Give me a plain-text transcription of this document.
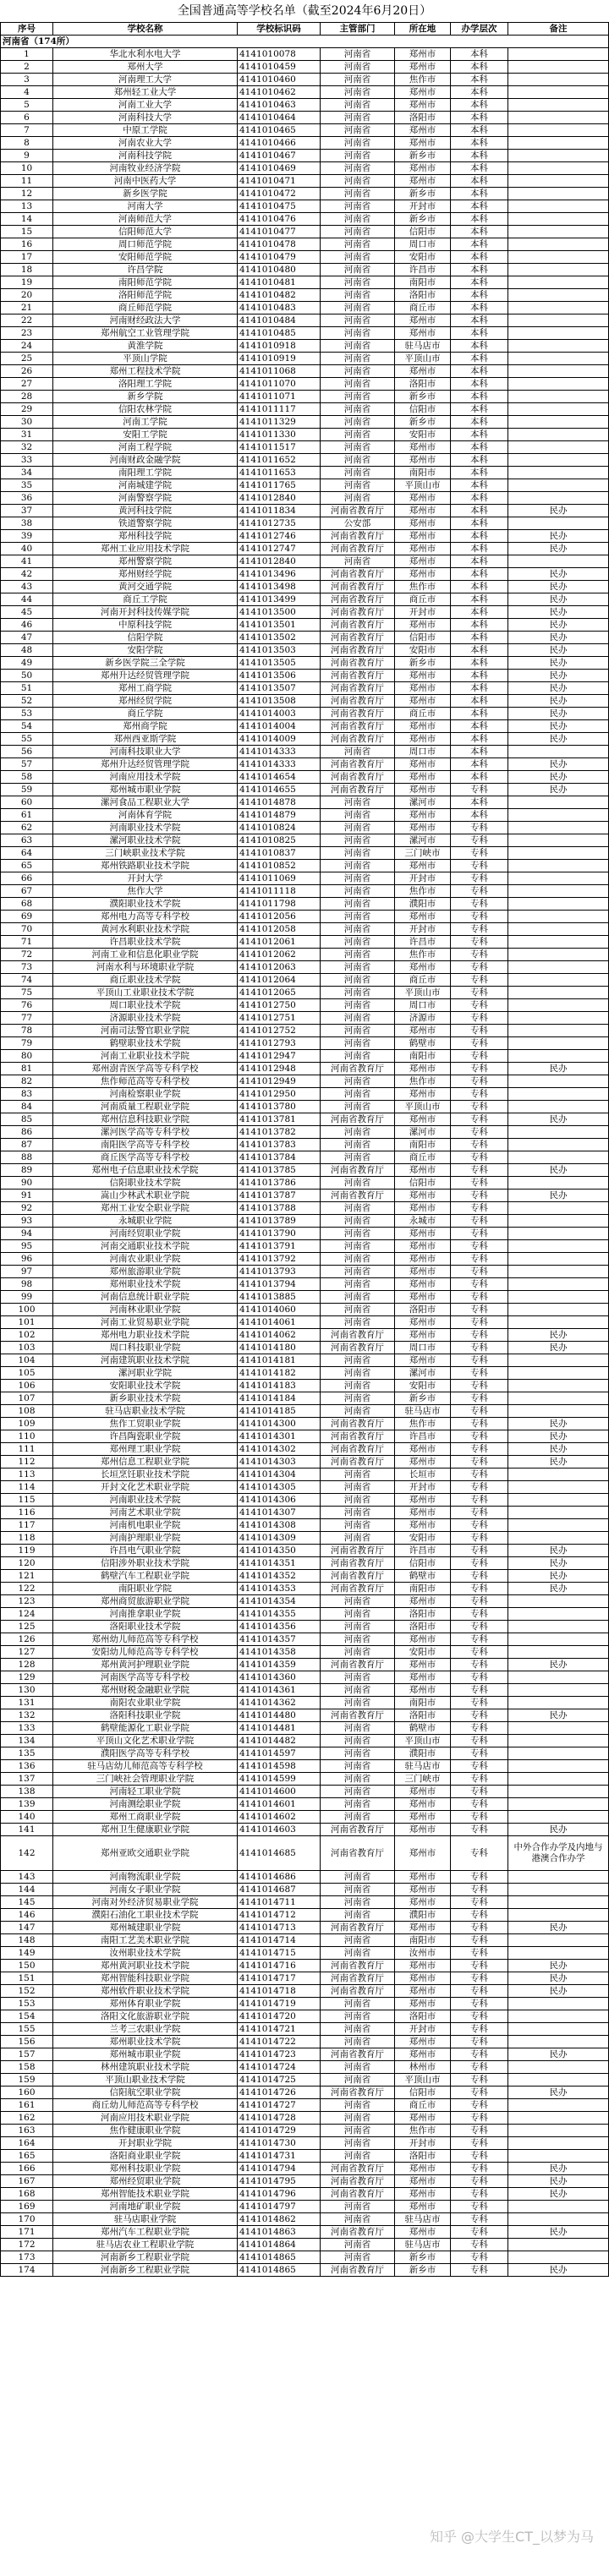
全国普通高等学校名单（截至2024年6月20日）
序号	学校名称	学校标识码	主管部门	所在地	办学层次	备注
河南省（174所）						
1	华北水利水电大学	4141010078	河南省	郑州市	本科	
2	郑州大学	4141010459	河南省	郑州市	本科	
3	河南理工大学	4141010460	河南省	焦作市	本科	
4	郑州轻工业大学	4141010462	河南省	郑州市	本科	
5	河南工业大学	4141010463	河南省	郑州市	本科	
6	河南科技大学	4141010464	河南省	洛阳市	本科	
7	中原工学院	4141010465	河南省	郑州市	本科	
8	河南农业大学	4141010466	河南省	郑州市	本科	
9	河南科技学院	4141010467	河南省	新乡市	本科	
10	河南牧业经济学院	4141010469	河南省	郑州市	本科	
11	河南中医药大学	4141010471	河南省	郑州市	本科	
12	新乡医学院	4141010472	河南省	新乡市	本科	
13	河南大学	4141010475	河南省	开封市	本科	
14	河南师范大学	4141010476	河南省	新乡市	本科	
15	信阳师范大学	4141010477	河南省	信阳市	本科	
16	周口师范学院	4141010478	河南省	周口市	本科	
17	安阳师范学院	4141010479	河南省	安阳市	本科	
18	许昌学院	4141010480	河南省	许昌市	本科	
19	南阳师范学院	4141010481	河南省	南阳市	本科	
20	洛阳师范学院	4141010482	河南省	洛阳市	本科	
21	商丘师范学院	4141010483	河南省	商丘市	本科	
22	河南财经政法大学	4141010484	河南省	郑州市	本科	
23	郑州航空工业管理学院	4141010485	河南省	郑州市	本科	
24	黄淮学院	4141010918	河南省	驻马店市	本科	
25	平顶山学院	4141010919	河南省	平顶山市	本科	
26	郑州工程技术学院	4141011068	河南省	郑州市	本科	
27	洛阳理工学院	4141011070	河南省	洛阳市	本科	
28	新乡学院	4141011071	河南省	新乡市	本科	
29	信阳农林学院	4141011117	河南省	信阳市	本科	
30	河南工学院	4141011329	河南省	新乡市	本科	
31	安阳工学院	4141011330	河南省	安阳市	本科	
32	河南工程学院	4141011517	河南省	郑州市	本科	
33	河南财政金融学院	4141011652	河南省	郑州市	本科	
34	南阳理工学院	4141011653	河南省	南阳市	本科	
35	河南城建学院	4141011765	河南省	平顶山市	本科	
36	河南警察学院	4141012840	河南省	郑州市	本科	
37	黄河科技学院	4141011834	河南省教育厅	郑州市	本科	民办
38	铁道警察学院	4141012735	公安部	郑州市	本科	
39	郑州科技学院	4141012746	河南省教育厅	郑州市	本科	民办
40	郑州工业应用技术学院	4141012747	河南省教育厅	郑州市	本科	民办
41	郑州警察学院	4141012840	河南省	郑州市	本科	
42	郑州财经学院	4141013496	河南省教育厅	郑州市	本科	民办
43	黄河交通学院	4141013498	河南省教育厅	焦作市	本科	民办
44	商丘工学院	4141013499	河南省教育厅	商丘市	本科	民办
45	河南开封科技传媒学院	4141013500	河南省教育厅	开封市	本科	民办
46	中原科技学院	4141013501	河南省教育厅	郑州市	本科	民办
47	信阳学院	4141013502	河南省教育厅	信阳市	本科	民办
48	安阳学院	4141013503	河南省教育厅	安阳市	本科	民办
49	新乡医学院三全学院	4141013505	河南省教育厅	新乡市	本科	民办
50	郑州升达经贸管理学院	4141013506	河南省教育厅	郑州市	本科	民办
51	郑州工商学院	4141013507	河南省教育厅	郑州市	本科	民办
52	郑州经贸学院	4141013508	河南省教育厅	郑州市	本科	民办
53	商丘学院	4141014003	河南省教育厅	商丘市	本科	民办
54	郑州商学院	4141014004	河南省教育厅	郑州市	本科	民办
55	郑州西亚斯学院	4141014009	河南省教育厅	郑州市	本科	民办
56	河南科技职业大学	4141014333	河南省	周口市	本科	
57	郑州升达经贸管理学院	4141014333	河南省教育厅	郑州市	本科	民办
58	河南应用技术学院	4141014654	河南省教育厅	郑州市	本科	民办
59	郑州城市职业学院	4141014655	河南省教育厅	郑州市	专科	民办
60	漯河食品工程职业大学	4141014878	河南省	漯河市	本科	
61	河南体育学院	4141014879	河南省	郑州市	本科	
62	河南职业技术学院	4141010824	河南省	郑州市	专科	
63	漯河职业技术学院	4141010825	河南省	漯河市	专科	
64	三门峡职业技术学院	4141010837	河南省	三门峡市	专科	
65	郑州铁路职业技术学院	4141010852	河南省	郑州市	专科	
66	开封大学	4141011069	河南省	开封市	专科	
67	焦作大学	4141011118	河南省	焦作市	专科	
68	濮阳职业技术学院	4141011798	河南省	濮阳市	专科	
69	郑州电力高等专科学校	4141012056	河南省	郑州市	专科	
70	黄河水利职业技术学院	4141012058	河南省	开封市	专科	
71	许昌职业技术学院	4141012061	河南省	许昌市	专科	
72	河南工业和信息化职业学院	4141012062	河南省	焦作市	专科	
73	河南水利与环境职业学院	4141012063	河南省	郑州市	专科	
74	商丘职业技术学院	4141012064	河南省	商丘市	专科	
75	平顶山工业职业技术学院	4141012065	河南省	平顶山市	专科	
76	周口职业技术学院	4141012750	河南省	周口市	专科	
77	济源职业技术学院	4141012751	河南省	济源市	专科	
78	河南司法警官职业学院	4141012752	河南省	郑州市	专科	
79	鹤壁职业技术学院	4141012793	河南省	鹤壁市	专科	
80	河南工业职业技术学院	4141012947	河南省	南阳市	专科	
81	郑州澍青医学高等专科学校	4141012948	河南省教育厅	郑州市	专科	民办
82	焦作师范高等专科学校	4141012949	河南省	焦作市	专科	
83	河南检察职业学院	4141012950	河南省	郑州市	专科	
84	河南质量工程职业学院	4141013780	河南省	平顶山市	专科	
85	郑州信息科技职业学院	4141013781	河南省教育厅	郑州市	专科	民办
86	漯河医学高等专科学校	4141013782	河南省	漯河市	专科	
87	南阳医学高等专科学校	4141013783	河南省	南阳市	专科	
88	商丘医学高等专科学校	4141013784	河南省	商丘市	专科	
89	郑州电子信息职业技术学院	4141013785	河南省教育厅	郑州市	专科	民办
90	信阳职业技术学院	4141013786	河南省	信阳市	专科	
91	嵩山少林武术职业学院	4141013787	河南省教育厅	郑州市	专科	民办
92	郑州工业安全职业学院	4141013788	河南省	郑州市	专科	
93	永城职业学院	4141013789	河南省	永城市	专科	
94	河南经贸职业学院	4141013790	河南省	郑州市	专科	
95	河南交通职业技术学院	4141013791	河南省	郑州市	专科	
96	河南农业职业学院	4141013792	河南省	郑州市	专科	
97	郑州旅游职业学院	4141013793	河南省	郑州市	专科	
98	郑州职业技术学院	4141013794	河南省	郑州市	专科	
99	河南信息统计职业学院	4141013885	河南省	郑州市	专科	
100	河南林业职业学院	4141014060	河南省	洛阳市	专科	
101	河南工业贸易职业学院	4141014061	河南省	郑州市	专科	
102	郑州电力职业技术学院	4141014062	河南省教育厅	郑州市	专科	民办
103	周口科技职业学院	4141014180	河南省教育厅	周口市	专科	民办
104	河南建筑职业技术学院	4141014181	河南省	郑州市	专科	
105	漯河职业学院	4141014182	河南省	漯河市	专科	
106	安阳职业技术学院	4141014183	河南省	安阳市	专科	
107	新乡职业技术学院	4141014184	河南省	新乡市	专科	
108	驻马店职业技术学院	4141014185	河南省	驻马店市	专科	
109	焦作工贸职业学院	4141014300	河南省教育厅	焦作市	专科	民办
110	许昌陶瓷职业学院	4141014301	河南省教育厅	许昌市	专科	民办
111	郑州理工职业学院	4141014302	河南省教育厅	郑州市	专科	民办
112	郑州信息工程职业学院	4141014303	河南省教育厅	郑州市	专科	民办
113	长垣烹饪职业技术学院	4141014304	河南省	长垣市	专科	
114	开封文化艺术职业学院	4141014305	河南省	开封市	专科	
115	河南职业技术学院	4141014306	河南省	郑州市	专科	
116	河南艺术职业学院	4141014307	河南省	郑州市	专科	
117	河南机电职业学院	4141014308	河南省	郑州市	专科	
118	河南护理职业学院	4141014309	河南省	安阳市	专科	
119	许昌电气职业学院	4141014350	河南省教育厅	许昌市	专科	民办
120	信阳涉外职业技术学院	4141014351	河南省教育厅	信阳市	专科	民办
121	鹤壁汽车工程职业学院	4141014352	河南省教育厅	鹤壁市	专科	民办
122	南阳职业学院	4141014353	河南省教育厅	南阳市	专科	民办
123	郑州商贸旅游职业学院	4141014354	河南省	郑州市	专科	
124	河南推拿职业学院	4141014355	河南省	洛阳市	专科	
125	洛阳职业技术学院	4141014356	河南省	洛阳市	专科	
126	郑州幼儿师范高等专科学校	4141014357	河南省	郑州市	专科	
127	安阳幼儿师范高等专科学校	4141014358	河南省	安阳市	专科	
128	郑州黄河护理职业学院	4141014359	河南省教育厅	郑州市	专科	民办
129	河南医学高等专科学校	4141014360	河南省	郑州市	专科	
130	郑州财税金融职业学院	4141014361	河南省	郑州市	专科	
131	南阳农业职业学院	4141014362	河南省	南阳市	专科	
132	洛阳科技职业学院	4141014480	河南省教育厅	洛阳市	专科	民办
133	鹤壁能源化工职业学院	4141014481	河南省	鹤壁市	专科	
134	平顶山文化艺术职业学院	4141014482	河南省	平顶山市	专科	
135	濮阳医学高等专科学校	4141014597	河南省	濮阳市	专科	
136	驻马店幼儿师范高等专科学校	4141014598	河南省	驻马店市	专科	
137	三门峡社会管理职业学院	4141014599	河南省	三门峡市	专科	
138	河南轻工职业学院	4141014600	河南省	郑州市	专科	
139	河南测绘职业学院	4141014601	河南省	郑州市	专科	
140	郑州工商职业学院	4141014602	河南省	郑州市	专科	
141	郑州卫生健康职业学院	4141014603	河南省教育厅	郑州市	专科	民办
142	郑州亚欧交通职业学院	4141014685	河南省教育厅	郑州市	专科	中外合作办学及内地与港澳合作办学
143	河南物流职业学院	4141014686	河南省	郑州市	专科	
144	河南女子职业学院	4141014687	河南省	郑州市	专科	
145	河南对外经济贸易职业学院	4141014711	河南省	郑州市	专科	
146	濮阳石油化工职业技术学院	4141014712	河南省	濮阳市	专科	
147	郑州城建职业学院	4141014713	河南省教育厅	郑州市	专科	民办
148	南阳工艺美术职业学院	4141014714	河南省	南阳市	专科	
149	汝州职业技术学院	4141014715	河南省	汝州市	专科	
150	郑州黄河职业技术学院	4141014716	河南省教育厅	郑州市	专科	民办
151	郑州智能科技职业学院	4141014717	河南省教育厅	郑州市	专科	民办
152	郑州软件职业技术学院	4141014718	河南省教育厅	郑州市	专科	民办
153	郑州体育职业学院	4141014719	河南省	郑州市	专科	
154	洛阳文化旅游职业学院	4141014720	河南省	洛阳市	专科	
155	兰考三农职业学院	4141014721	河南省	开封市	专科	
156	郑州职业技术学院	4141014722	河南省	郑州市	专科	
157	郑州城市职业学院	4141014723	河南省教育厅	郑州市	专科	民办
158	林州建筑职业技术学院	4141014724	河南省	林州市	专科	
159	平顶山职业技术学院	4141014725	河南省	平顶山市	专科	
160	信阳航空职业学院	4141014726	河南省教育厅	信阳市	专科	民办
161	商丘幼儿师范高等专科学校	4141014727	河南省	商丘市	专科	
162	河南应用技术职业学院	4141014728	河南省	郑州市	专科	
163	焦作健康职业学院	4141014729	河南省	焦作市	专科	
164	开封职业学院	4141014730	河南省	开封市	专科	
165	洛阳商业职业学院	4141014731	河南省	洛阳市	专科	
166	郑州科技职业学院	4141014794	河南省教育厅	郑州市	专科	民办
167	郑州经贸职业学院	4141014795	河南省教育厅	郑州市	专科	民办
168	郑州智能技术职业学院	4141014796	河南省教育厅	郑州市	专科	民办
169	河南地矿职业学院	4141014797	河南省	郑州市	专科	
170	驻马店职业学院	4141014862	河南省	驻马店市	专科	
171	郑州汽车工程职业学院	4141014863	河南省教育厅	郑州市	专科	民办
172	驻马店农业工程职业学院	4141014864	河南省	驻马店市	专科	
173	河南新乡工程职业学院	4141014865	河南省	新乡市	专科	
174	河南新乡工程职业学院	4141014865	河南省教育厅	新乡市	专科	民办
知乎 @大学生CT_以梦为马
